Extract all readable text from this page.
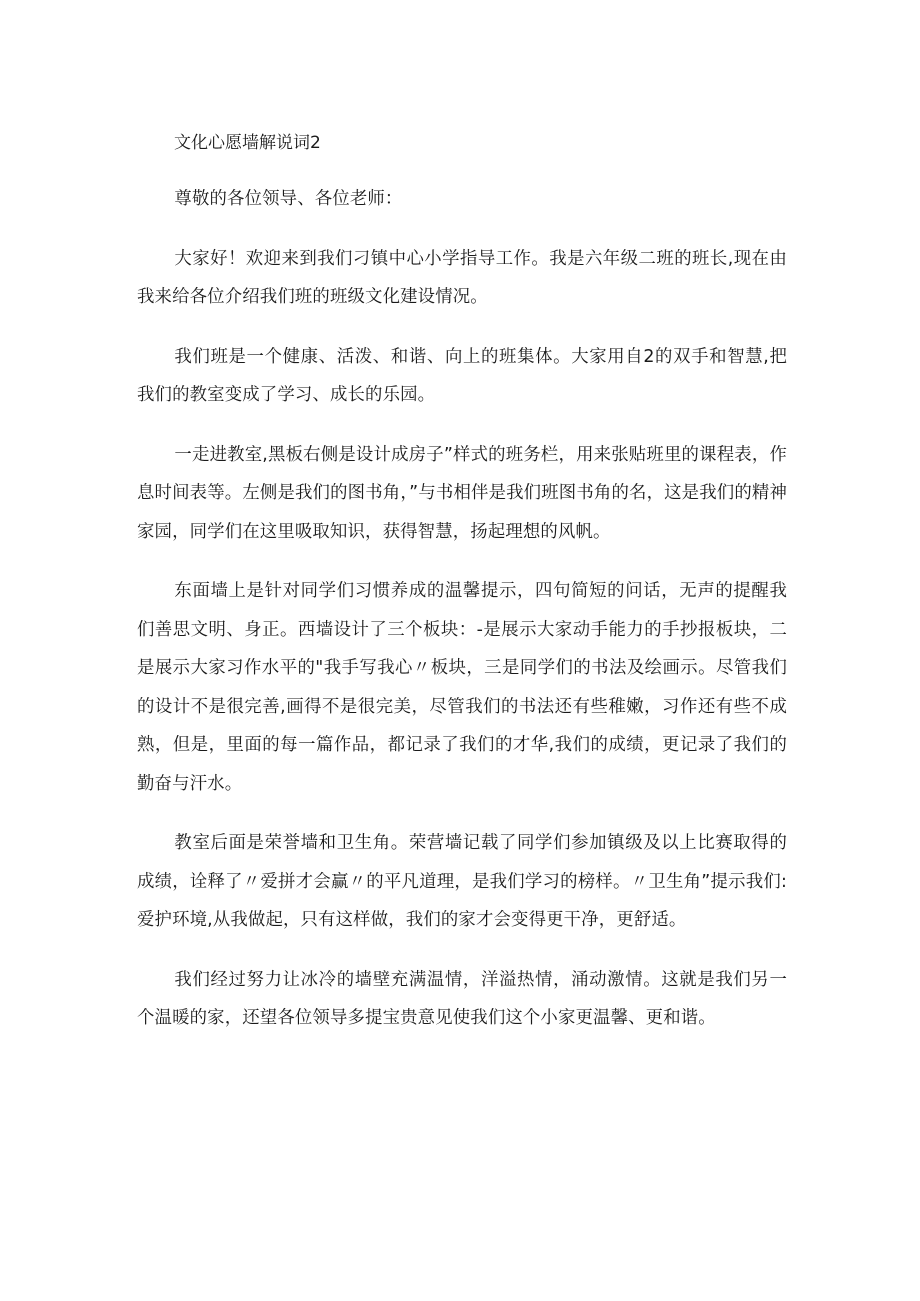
文化心愿墙解说词2

尊敬的各位领导、各位老师：

大家好！欢迎来到我们刁镇中心小学指导工作。我是六年级二班的班长,现在由我来给各位介绍我们班的班级文化建设情况。

我们班是一个健康、活泼、和谐、向上的班集体。大家用自2的双手和智慧,把我们的教室变成了学习、成长的乐园。

一走进教室,黑板右侧是设计成房子”样式的班务栏，用来张贴班里的课程表，作息时间表等。左侧是我们的图书角，”与书相伴是我们班图书角的名，这是我们的精神家园，同学们在这里吸取知识，获得智慧，扬起理想的风帆。

东面墙上是针对同学们习惯养成的温馨提示，四句简短的问话，无声的提醒我们善思文明、身正。西墙设计了三个板块：-是展示大家动手能力的手抄报板块，二是展示大家习作水平的"我手写我心〃板块，三是同学们的书法及绘画示。尽管我们的设计不是很完善,画得不是很完美，尽管我们的书法还有些稚嫩，习作还有些不成熟，但是，里面的每一篇作品，都记录了我们的才华,我们的成绩，更记录了我们的勤奋与汗水。

教室后面是荣誉墙和卫生角。荣营墙记载了同学们参加镇级及以上比赛取得的成绩，诠释了〃爱拼才会赢〃的平凡道理，是我们学习的榜样。〃卫生角”提示我们:爱护环境,从我做起，只有这样做，我们的家才会变得更干净，更舒适。

我们经过努力让冰冷的墙壁充满温情，洋溢热情，涌动激情。这就是我们另一个温暖的家，还望各位领导多提宝贵意见使我们这个小家更温馨、更和谐。
